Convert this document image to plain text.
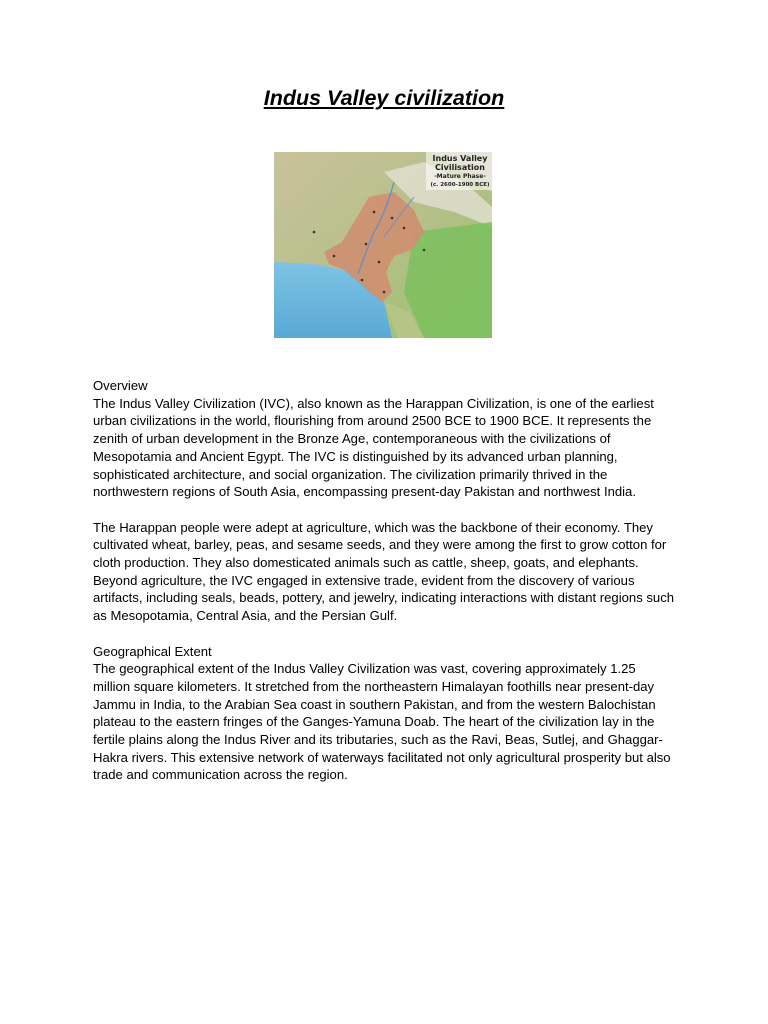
Indus Valley civilization
Indus Valley
Civilisation
-Mature Phase-
(c. 2600-1900 BCE)

Overview

The Indus Valley Civilization (IVC), also known as the Harappan Civilization, is one of the earliest urban civilizations in the world, flourishing from around 2500 BCE to 1900 BCE. It represents the zenith of urban development in the Bronze Age, contemporaneous with the civilizations of Mesopotamia and Ancient Egypt. The IVC is distinguished by its advanced urban planning, sophisticated architecture, and social organization. The civilization primarily thrived in the northwestern regions of South Asia, encompassing present-day Pakistan and northwest India.

The Harappan people were adept at agriculture, which was the backbone of their economy. They cultivated wheat, barley, peas, and sesame seeds, and they were among the first to grow cotton for cloth production. They also domesticated animals such as cattle, sheep, goats, and elephants. Beyond agriculture, the IVC engaged in extensive trade, evident from the discovery of various artifacts, including seals, beads, pottery, and jewelry, indicating interactions with distant regions such as Mesopotamia, Central Asia, and the Persian Gulf.

Geographical Extent

The geographical extent of the Indus Valley Civilization was vast, covering approximately 1.25 million square kilometers. It stretched from the northeastern Himalayan foothills near present-day Jammu in India, to the Arabian Sea coast in southern Pakistan, and from the western Balochistan plateau to the eastern fringes of the Ganges-Yamuna Doab. The heart of the civilization lay in the fertile plains along the Indus River and its tributaries, such as the Ravi, Beas, Sutlej, and Ghaggar-Hakra rivers. This extensive network of waterways facilitated not only agricultural prosperity but also trade and communication across the region.
